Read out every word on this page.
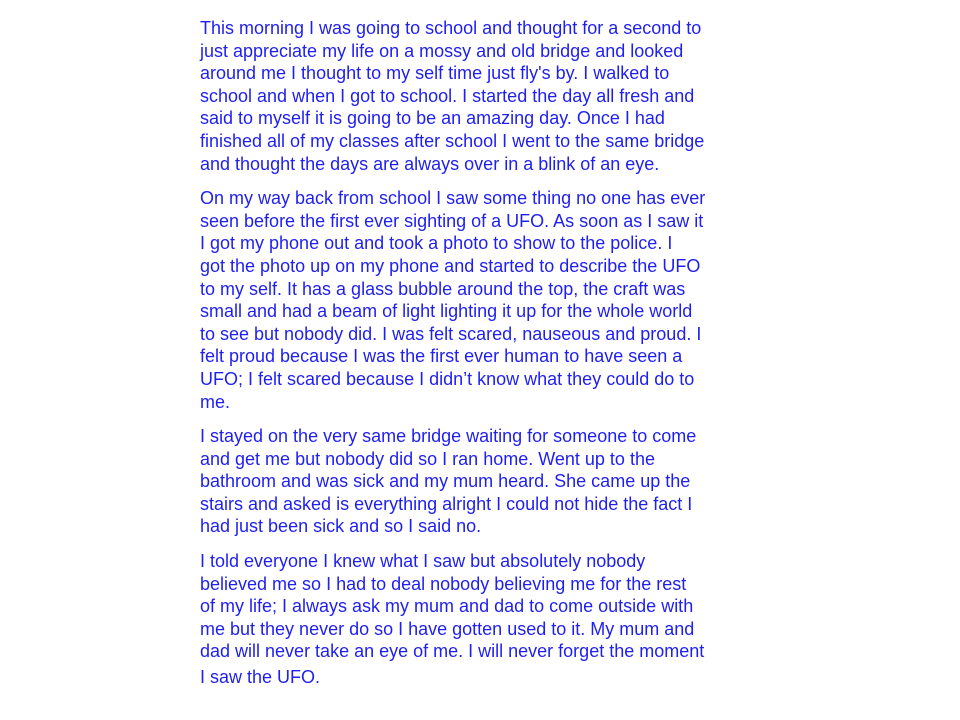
This morning I was going to school and thought for a second to
just appreciate my life on a mossy and old bridge and looked
around me I thought to my self time just fly's by. I walked to
school and when I got to school. I started the day all fresh and
said to myself it is going to be an amazing day. Once I had
finished all of my classes after school I went to the same bridge
and thought the days are always over in a blink of an eye.
On my way back from school I saw some thing no one has ever
seen before the first ever sighting of a UFO. As soon as I saw it
I got my phone out and took a photo to show to the police. I
got the photo up on my phone and started to describe the UFO
to my self. It has a glass bubble around the top, the craft was
small and had a beam of light lighting it up for the whole world
to see but nobody did. I was felt scared, nauseous and proud. I
felt proud because I was the first ever human to have seen a
UFO; I felt scared because I didn’t know what they could do to
me.
I stayed on the very same bridge waiting for someone to come
and get me but nobody did so I ran home. Went up to the
bathroom and was sick and my mum heard. She came up the
stairs and asked is everything alright I could not hide the fact I
had just been sick and so I said no.
I told everyone I knew what I saw but absolutely nobody
believed me so I had to deal nobody believing me for the rest
of my life; I always ask my mum and dad to come outside with
me but they never do so I have gotten used to it. My mum and
dad will never take an eye of me. I will never forget the moment
I saw the UFO.
